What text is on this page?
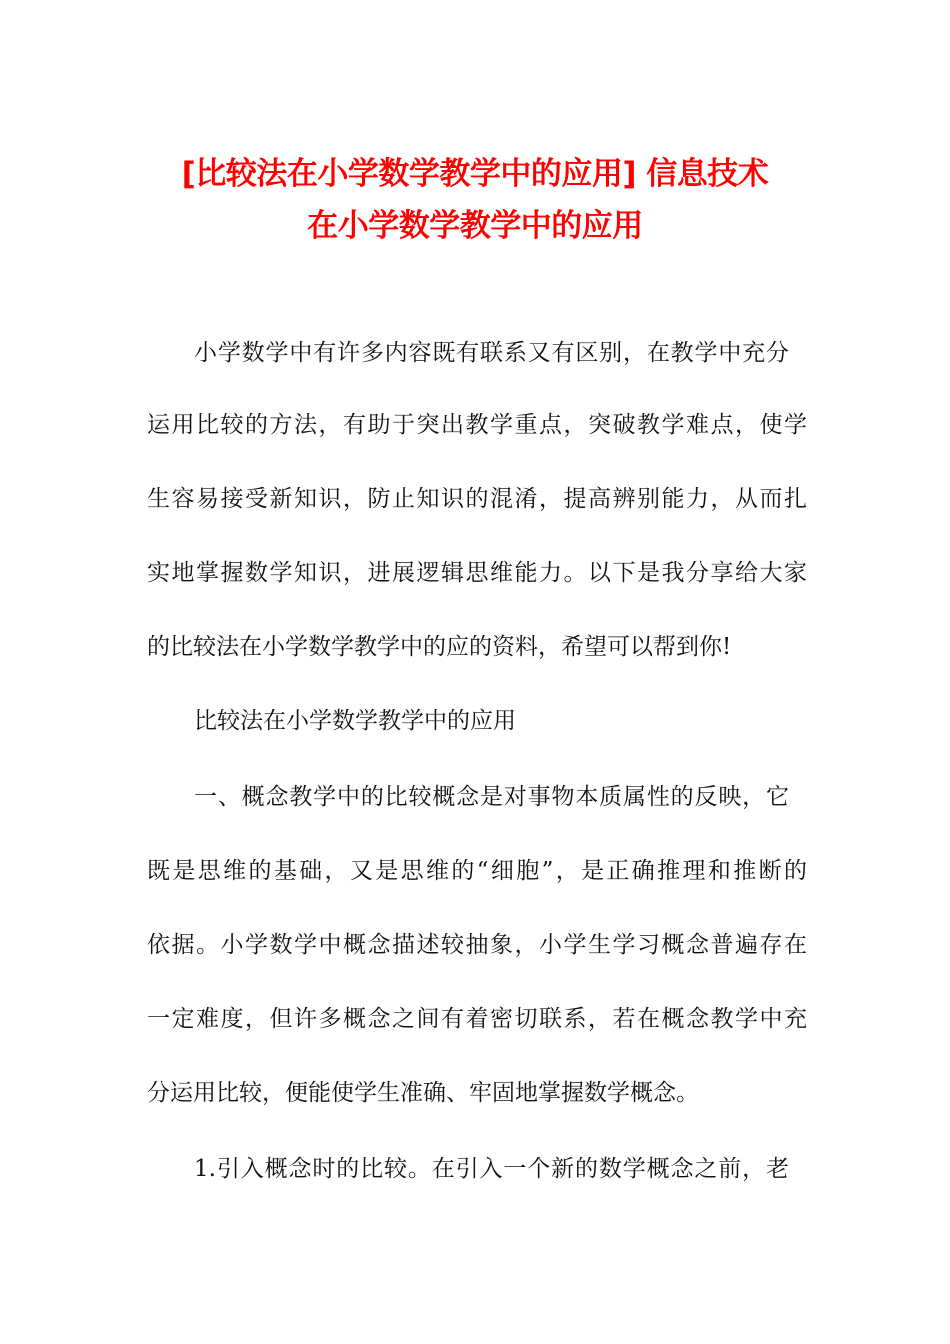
[比较法在小学数学教学中的应用] 信息技术
在小学数学教学中的应用

小学数学中有许多内容既有联系又有区别，在教学中充分

运用比较的方法，有助于突出教学重点，突破教学难点，使学

生容易接受新知识，防止知识的混淆，提高辨别能力，从而扎

实地掌握数学知识，进展逻辑思维能力。以下是我分享给大家

的比较法在小学数学教学中的应的资料，希望可以帮到你!

比较法在小学数学教学中的应用

一、概念教学中的比较概念是对事物本质属性的反映，它

既是思维的基础，又是思维的“细胞”，是正确推理和推断的

依据。小学数学中概念描述较抽象，小学生学习概念普遍存在

一定难度，但许多概念之间有着密切联系，若在概念教学中充

分运用比较，便能使学生准确、牢固地掌握数学概念。

1.引入概念时的比较。在引入一个新的数学概念之前，老
